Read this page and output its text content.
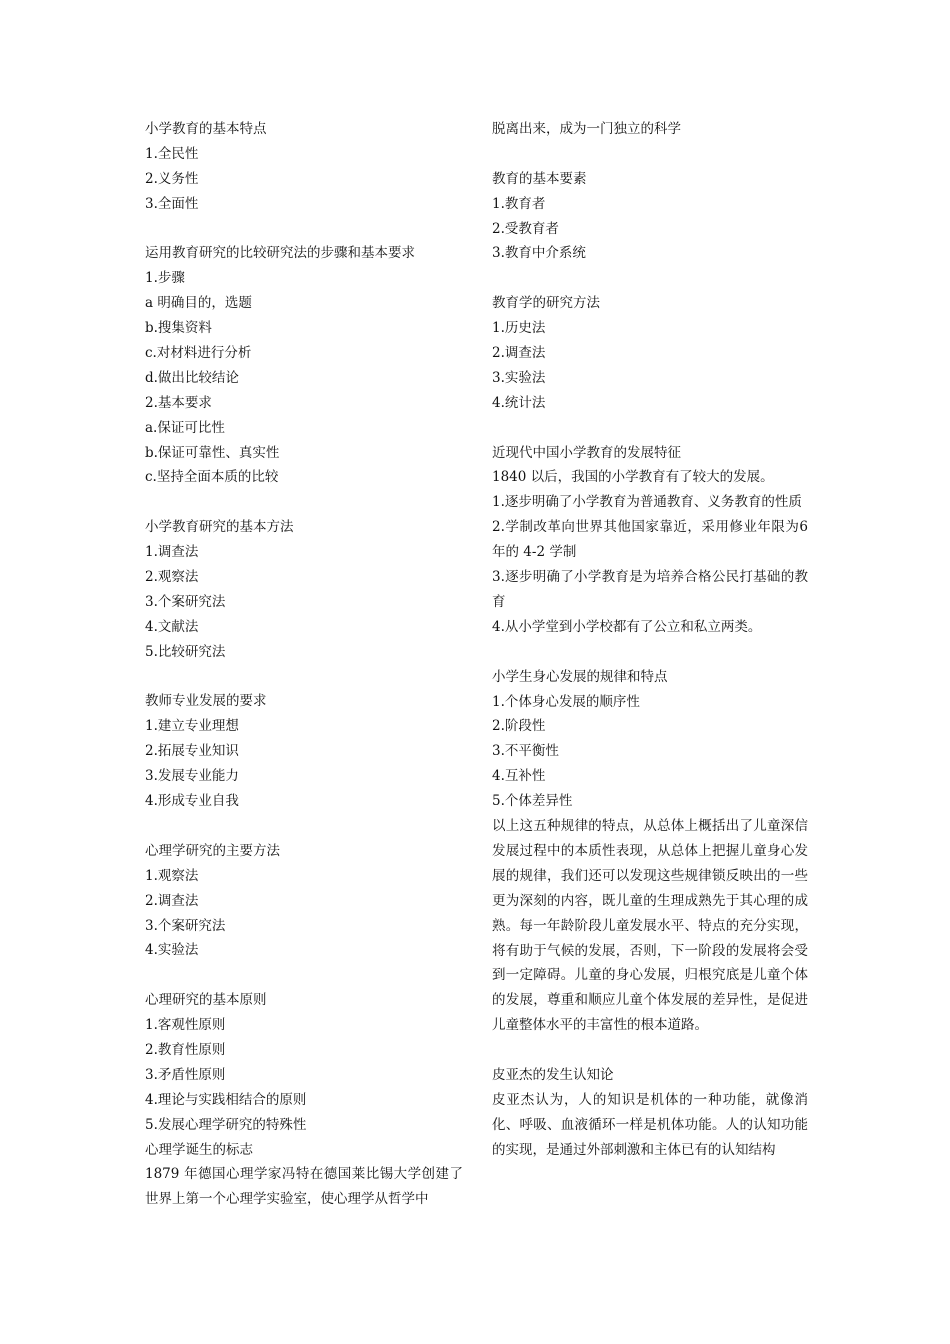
小学教育的基本特点
1.全民性
2.义务性
3.全面性
运用教育研究的比较研究法的步骤和基本要求
1.步骤
a 明确目的，选题
b.搜集资料
c.对材料进行分析
d.做出比较结论
2.基本要求
a.保证可比性
b.保证可靠性、真实性
c.坚持全面本质的比较
小学教育研究的基本方法
1.调查法
2.观察法
3.个案研究法
4.文献法
5.比较研究法
教师专业发展的要求
1.建立专业理想
2.拓展专业知识
3.发展专业能力
4.形成专业自我
心理学研究的主要方法
1.观察法
2.调查法
3.个案研究法
4.实验法
心理研究的基本原则
1.客观性原则
2.教育性原则
3.矛盾性原则
4.理论与实践相结合的原则
5.发展心理学研究的特殊性
心理学诞生的标志
1879 年德国心理学家冯特在德国莱比锡大学创建了世界上第一个心理学实验室，使心理学从哲学中
脱离出来，成为一门独立的科学
教育的基本要素
1.教育者
2.受教育者
3.教育中介系统
教育学的研究方法
1.历史法
2.调查法
3.实验法
4.统计法
近现代中国小学教育的发展特征
1840 以后，我国的小学教育有了较大的发展。
1.逐步明确了小学教育为普通教育、义务教育的性质
2.学制改革向世界其他国家靠近，采用修业年限为6 年的 4-2 学制
3.逐步明确了小学教育是为培养合格公民打基础的教育
4.从小学堂到小学校都有了公立和私立两类。
小学生身心发展的规律和特点
1.个体身心发展的顺序性
2.阶段性
3.不平衡性
4.互补性
5.个体差异性
以上这五种规律的特点，从总体上概括出了儿童深信发展过程中的本质性表现，从总体上把握儿童身心发展的规律，我们还可以发现这些规律锁反映出的一些更为深刻的内容，既儿童的生理成熟先于其心理的成熟。每一年龄阶段儿童发展水平、特点的充分实现，将有助于气候的发展，否则，下一阶段的发展将会受到一定障碍。儿童的身心发展，归根究底是儿童个体的发展，尊重和顺应儿童个体发展的差异性，是促进儿童整体水平的丰富性的根本道路。
皮亚杰的发生认知论
皮亚杰认为，人的知识是机体的一种功能，就像消化、呼吸、血液循环一样是机体功能。人的认知功能的实现，是通过外部刺激和主体已有的认知结构
